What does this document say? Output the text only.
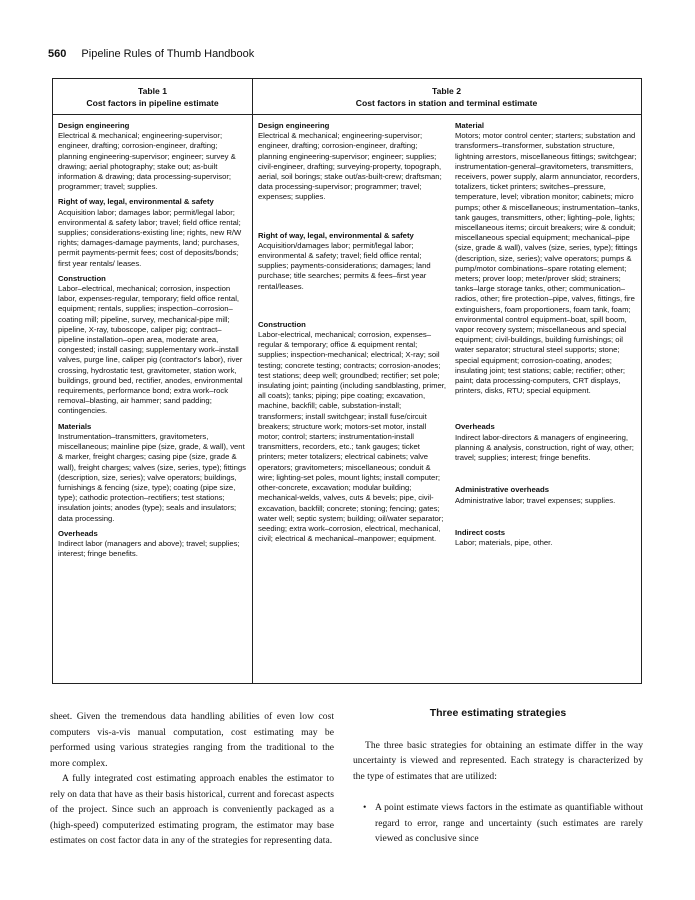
560 Pipeline Rules of Thumb Handbook
Table 1
Cost factors in pipeline estimate
Design engineering

Electrical & mechanical; engineering-supervisor; engineer, drafting; corrosion-engineer, drafting; planning engineering-supervisor; engineer; survey & drawing; aerial photography; stake out; as-built information & drawing; data processing-supervisor; programmer; travel; supplies.

Right of way, legal, environmental & safety

Acquisition labor; damages labor; permit/legal labor; environmental & safety labor; travel; field office rental; supplies; considerations-existing line; rights, new R/W rights; damages-damage payments, land; purchases, permit payments-permit fees; cost of deposits/bonds; first year rentals/ leases.

Construction

Labor–electrical, mechanical; corrosion, inspection labor, expenses-regular, temporary; field office rental, equipment; rentals, supplies; inspection–corrosion–coating mill; pipeline, survey, mechanical-pipe mill; pipeline, X-ray, tuboscope, caliper pig; contract–pipeline installation–open area, moderate area, congested; install casing; supplementary work–install valves, purge line, caliper pig (contractor's labor), river crossing, hydrostatic test, gravitometer, station work, buildings, ground bed, rectifier, anodes, environmental requirements, performance bond; extra work–rock removal–blasting, air hammer; sand padding; contingencies.

Materials

Instrumentation–transmitters, gravitometers, miscellaneous; mainline pipe (size, grade, & wall), vent & marker, freight charges; casing pipe (size, grade & wall), freight charges; valves (size, series, type); fittings (description, size, series); valve operators; buildings, furnishings & fencing (size, type); coating (pipe size, type); cathodic protection–rectifiers; test stations; insulation joints; anodes (type); seals and insulators; data processing.

Overheads

Indirect labor (managers and above); travel; supplies; interest; fringe benefits.

Table 2
Cost factors in station and terminal estimate
Design engineering

Electrical & mechanical; engineering-supervisor; engineer, drafting; corrosion-engineer, drafting; planning engineering-supervisor; engineer; supplies; civil-engineer, drafting; surveying-property, topograph, aerial, soil borings; stake out/as-built-crew; draftsman; data processing-supervisor; programmer; travel; expenses; supplies.

Right of way, legal, environmental & safety

Acquisition/damages labor; permit/legal labor; environmental & safety; travel; field office rental; supplies; payments-considerations; damages; land purchase; title searches; permits & fees–first year rental/leases.

Construction

Labor-electrical, mechanical; corrosion, expenses–regular & temporary; office & equipment rental; supplies; inspection-mechanical; electrical; X-ray; soil testing; concrete testing; contracts; corrosion-anodes; test stations; deep well; groundbed; rectifier; set pole; insulating joint; painting (including sandblasting, primer, all coats); tanks; piping; pipe coating; excavation, machine, backfill; cable, substation-install; transformers; install switchgear; install fuse/circuit breakers; structure work; motors-set motor, install motor; control; starters; instrumentation-install transmitters, recorders, etc.; tank gauges; ticket printers; meter totalizers; electrical cabinets; valve operators; gravitometers; miscellaneous; conduit & wire; lighting-set poles, mount lights; install computer; other-concrete, excavation; modular building; mechanical-welds, valves, cuts & bevels; pipe, civil-excavation, backfill; concrete; stoning; fencing; gates; water well; septic system; building; oil/water separator; seeding; extra work–corrosion, electrical, mechanical, civil; electrical & mechanical–manpower; equipment.

Material

Motors; motor control center; starters; substation and transformers–transformer, substation structure, lightning arrestors, miscellaneous fittings; switchgear; instrumentation-general–gravitometers, transmitters, receivers, power supply, alarm annunciator, recorders, totalizers, ticket printers; switches–pressure, temperature, level; vibration monitor; cabinets; micro pumps; other & miscellaneous; instrumentation–tanks, tank gauges, transmitters, other; lighting–pole, lights; miscellaneous items; circuit breakers; wire & conduit; miscellaneous special equipment; mechanical–pipe (size, grade & wall), valves (size, series, type); fittings (description, size, series); valve operators; pumps & pump/motor combinations–spare rotating element; meters; prover loop; meter/prover skid; strainers; tanks–large storage tanks, other; communication–radios, other; fire protection–pipe, valves, fittings, fire extinguishers, foam proportioners, foam tank, foam; environmental control equipment–boat, spill boom, vapor recovery system; miscellaneous and special equipment; civil-buildings, building furnishings; oil water separator; structural steel supports; stone; special equipment; corrosion-coating, anodes; insulating joint; test stations; cable; rectifier; other; paint; data processing-computers, CRT displays, printers, disks, RTU; special equipment.

Overheads

Indirect labor-directors & managers of engineering, planning & analysis, construction, right of way, other; travel; supplies; interest; fringe benefits.

Administrative overheads

Administrative labor; travel expenses; supplies.

Indirect costs

Labor; materials, pipe, other.

sheet. Given the tremendous data handling abilities of even low cost computers vis-a-vis manual computation, cost estimating may be performed using various strategies ranging from the traditional to the more complex.

A fully integrated cost estimating approach enables the estimator to rely on data that have as their basis historical, current and forecast aspects of the project. Since such an approach is conveniently packaged as a (high-speed) computerized estimating program, the estimator may base estimates on cost factor data in any of the strategies for representing data.

Three estimating strategies

The three basic strategies for obtaining an estimate differ in the way uncertainty is viewed and represented. Each strategy is characterized by the type of estimates that are utilized:

• A point estimate views factors in the estimate as quantifiable without regard to error, range and uncertainty (such estimates are rarely viewed as conclusive since
